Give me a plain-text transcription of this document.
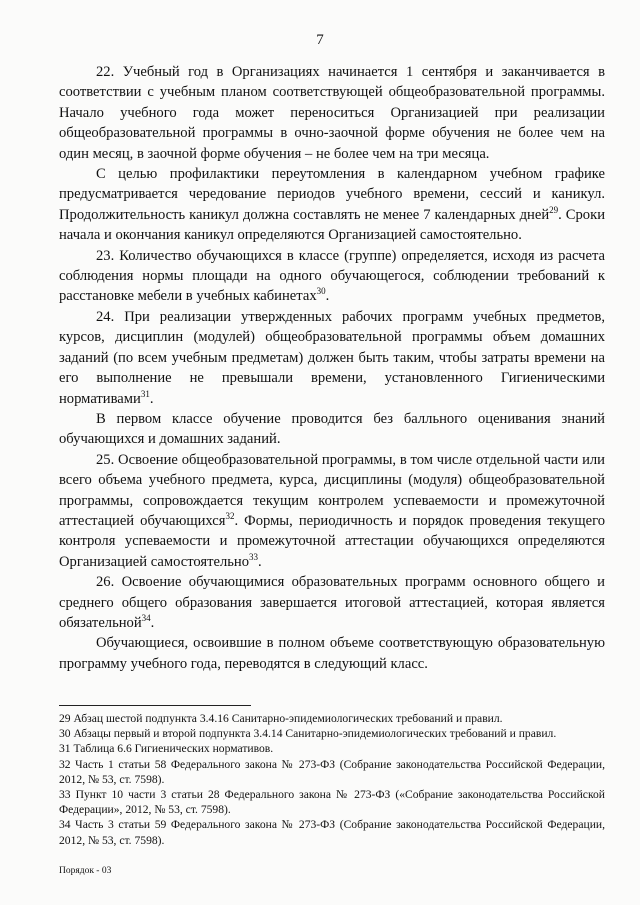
7

22. Учебный год в Организациях начинается 1 сентября и заканчивается в соответствии с учебным планом соответствующей общеобразовательной программы. Начало учебного года может переноситься Организацией при реализации общеобразовательной программы в очно-заочной форме обучения не более чем на один месяц, в заочной форме обучения – не более чем на три месяца.

С целью профилактики переутомления в календарном учебном графике предусматривается чередование периодов учебного времени, сессий и каникул. Продолжительность каникул должна составлять не менее 7 календарных дней$^{29}$. Сроки начала и окончания каникул определяются Организацией самостоятельно.

23. Количество обучающихся в классе (группе) определяется, исходя из расчета соблюдения нормы площади на одного обучающегося, соблюдении требований к расстановке мебели в учебных кабинетах$^{30}$.

24. При реализации утвержденных рабочих программ учебных предметов, курсов, дисциплин (модулей) общеобразовательной программы объем домашних заданий (по всем учебным предметам) должен быть таким, чтобы затраты времени на его выполнение не превышали времени, установленного Гигиеническими нормативами$^{31}$.

В первом классе обучение проводится без балльного оценивания знаний обучающихся и домашних заданий.

25. Освоение общеобразовательной программы, в том числе отдельной части или всего объема учебного предмета, курса, дисциплины (модуля) общеобразовательной программы, сопровождается текущим контролем успеваемости и промежуточной аттестацией обучающихся$^{32}$. Формы, периодичность и порядок проведения текущего контроля успеваемости и промежуточной аттестации обучающихся определяются Организацией самостоятельно$^{33}$.

26. Освоение обучающимися образовательных программ основного общего и среднего общего образования завершается итоговой аттестацией, которая является обязательной$^{34}$.

Обучающиеся, освоившие в полном объеме соответствующую образовательную программу учебного года, переводятся в следующий класс.

29 Абзац шестой подпункта 3.4.16 Санитарно-эпидемиологических требований и правил.

30 Абзацы первый и второй подпункта 3.4.14 Санитарно-эпидемиологических требований и правил.

31 Таблица 6.6 Гигиенических нормативов.

32 Часть 1 статьи 58 Федерального закона № 273-ФЗ (Собрание законодательства Российской Федерации, 2012, № 53, ст. 7598).

33 Пункт 10 части 3 статьи 28 Федерального закона № 273-ФЗ («Собрание законодательства Российской Федерации», 2012, № 53, ст. 7598).

34 Часть 3 статьи 59 Федерального закона № 273-ФЗ (Собрание законодательства Российской Федерации, 2012, № 53, ст. 7598).

Порядок - 03
